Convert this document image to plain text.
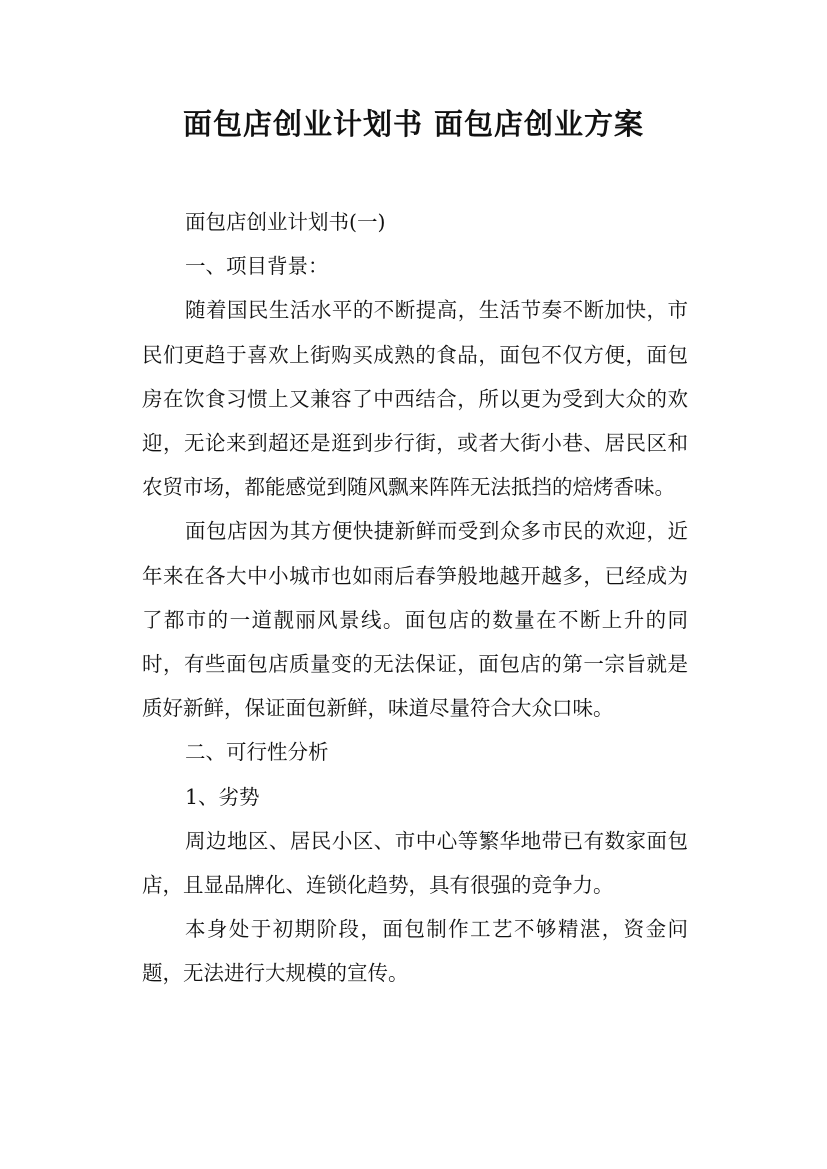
面包店创业计划书 面包店创业方案

面包店创业计划书(一)

一、项目背景：

随着国民生活水平的不断提高，生活节奏不断加快，市民们更趋于喜欢上街购买成熟的食品，面包不仅方便，面包房在饮食习惯上又兼容了中西结合，所以更为受到大众的欢迎，无论来到超还是逛到步行街，或者大街小巷、居民区和农贸市场，都能感觉到随风飘来阵阵无法抵挡的焙烤香味。

面包店因为其方便快捷新鲜而受到众多市民的欢迎，近年来在各大中小城市也如雨后春笋般地越开越多，已经成为了都市的一道靓丽风景线。面包店的数量在不断上升的同时，有些面包店质量变的无法保证，面包店的第一宗旨就是质好新鲜，保证面包新鲜，味道尽量符合大众口味。

二、可行性分析

1、劣势

周边地区、居民小区、市中心等繁华地带已有数家面包店，且显品牌化、连锁化趋势，具有很强的竞争力。

本身处于初期阶段，面包制作工艺不够精湛，资金问题，无法进行大规模的宣传。
